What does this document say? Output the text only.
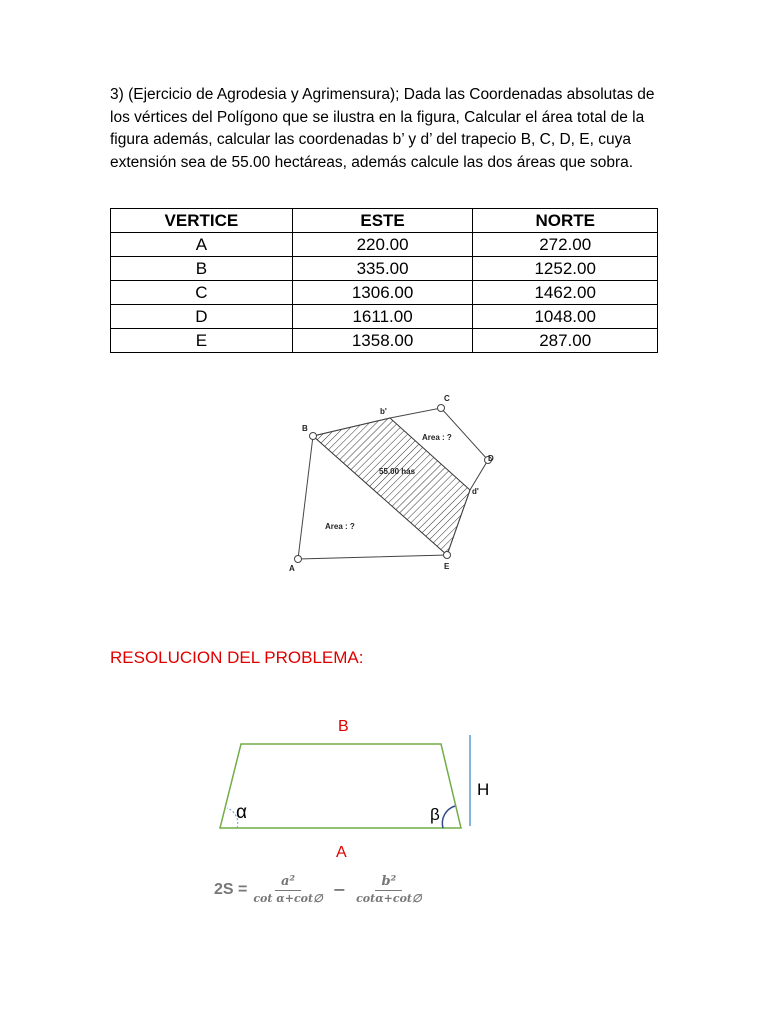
3) (Ejercicio de Agrodesia y Agrimensura); Dada las Coordenadas absolutas de los vértices del Polígono que se ilustra en la figura, Calcular el área total de la figura además, calcular las coordenadas b’ y d’ del trapecio B, C, D, E, cuya extensión sea de 55.00 hectáreas, además calcule las dos áreas que sobra.

VERTICE	ESTE	NORTE
A	220.00	272.00
B	335.00	1252.00
C	1306.00	1462.00
D	1611.00	1048.00
E	1358.00	287.00
A
B
C
D
E
b'
d'
Area : ?
Area : ?
55.00 hás
RESOLUCION DEL PROBLEMA:
B
A
H
α	β
$2S = \frac{\text{a²}}{\text{cot α+cot∅}} - \frac{\text{b²}}{\cot\alpha+\cot\emptyset}$
